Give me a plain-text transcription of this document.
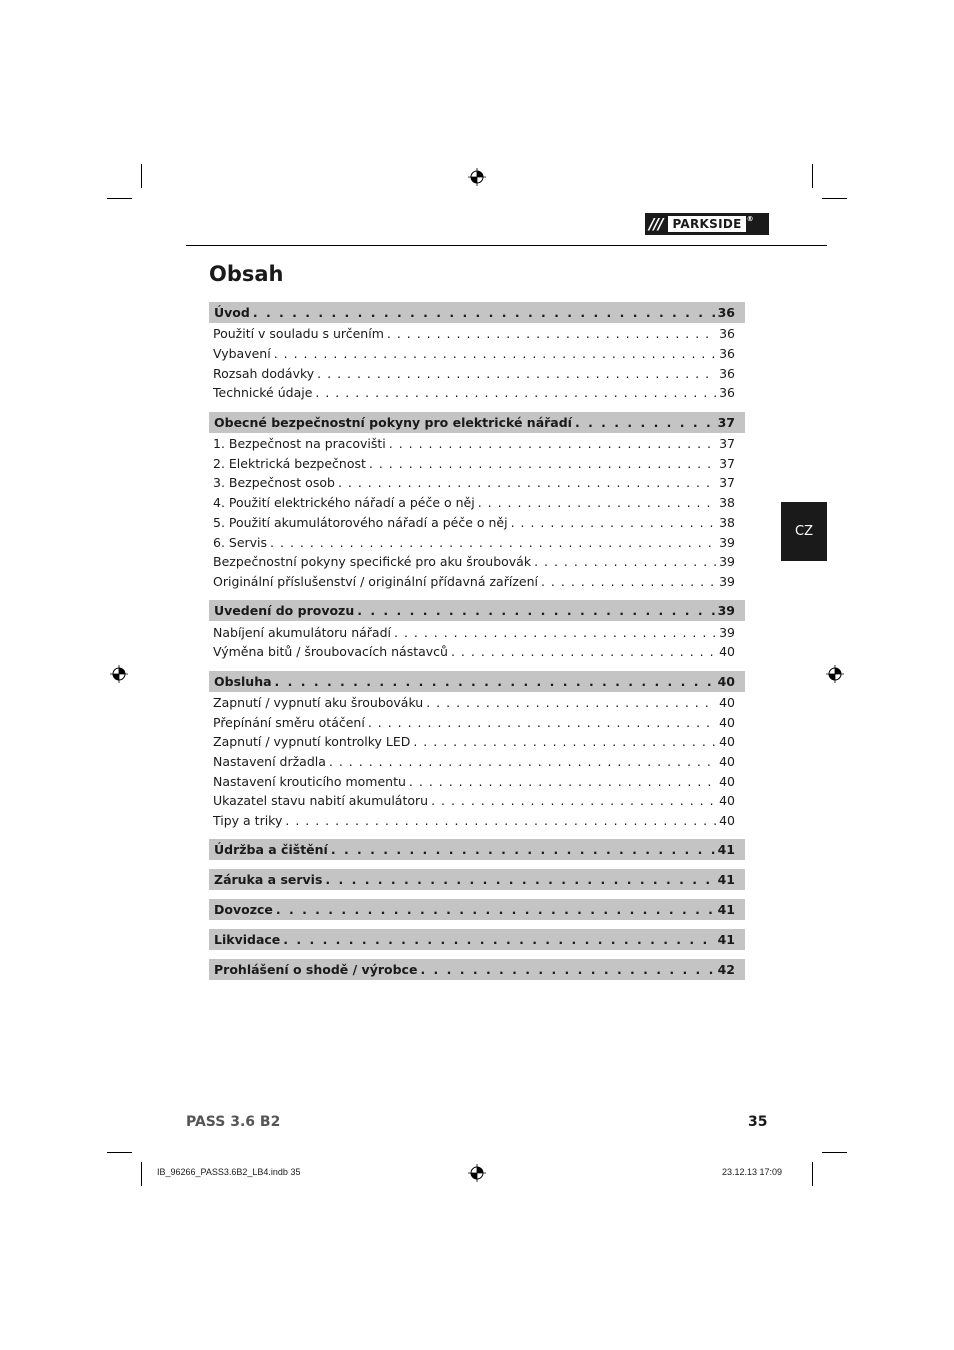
/// PARKSIDE ®
Obsah
Úvod . . .	36
Použití v souladu s určením . . .	36
Vybavení . . .	36
Rozsah dodávky . . .	36
Technické údaje . . .	36
Obecné bezpečnostní pokyny pro elektrické nářadí . . .	37
1. Bezpečnost na pracovišti . . .	37
2. Elektrická bezpečnost . . .	37
3. Bezpečnost osob . . .	37
4. Použití elektrického nářadí a péče o něj . . .	38
5. Použití akumulátorového nářadí a péče o něj . . .	38
6. Servis . . .	39
Bezpečnostní pokyny specifické pro aku šroubovák . . .	39
Originální příslušenství / originální přídavná zařízení . . .	39
Uvedení do provozu . . .	39
Nabíjení akumulátoru nářadí . . .	39
Výměna bitů / šroubovacích nástavců . . .	40
Obsluha . . .	40
Zapnutí / vypnutí aku šroubováku . . .	40
Přepínání směru otáčení . . .	40
Zapnutí / vypnutí kontrolky LED . . .	40
Nastavení držadla . . .	40
Nastavení krouticího momentu . . .	40
Ukazatel stavu nabití akumulátoru . . .	40
Tipy a triky . . .	40
Údržba a čištění . . .	41
Záruka a servis . . .	41
Dovozce . . .	41
Likvidace . . .	41
Prohlášení o shodě / výrobce . . .	42
CZ
PASS 3.6 B2	35
IB_96266_PASS3.6B2_LB4.indb 35	23.12.13 17:09
